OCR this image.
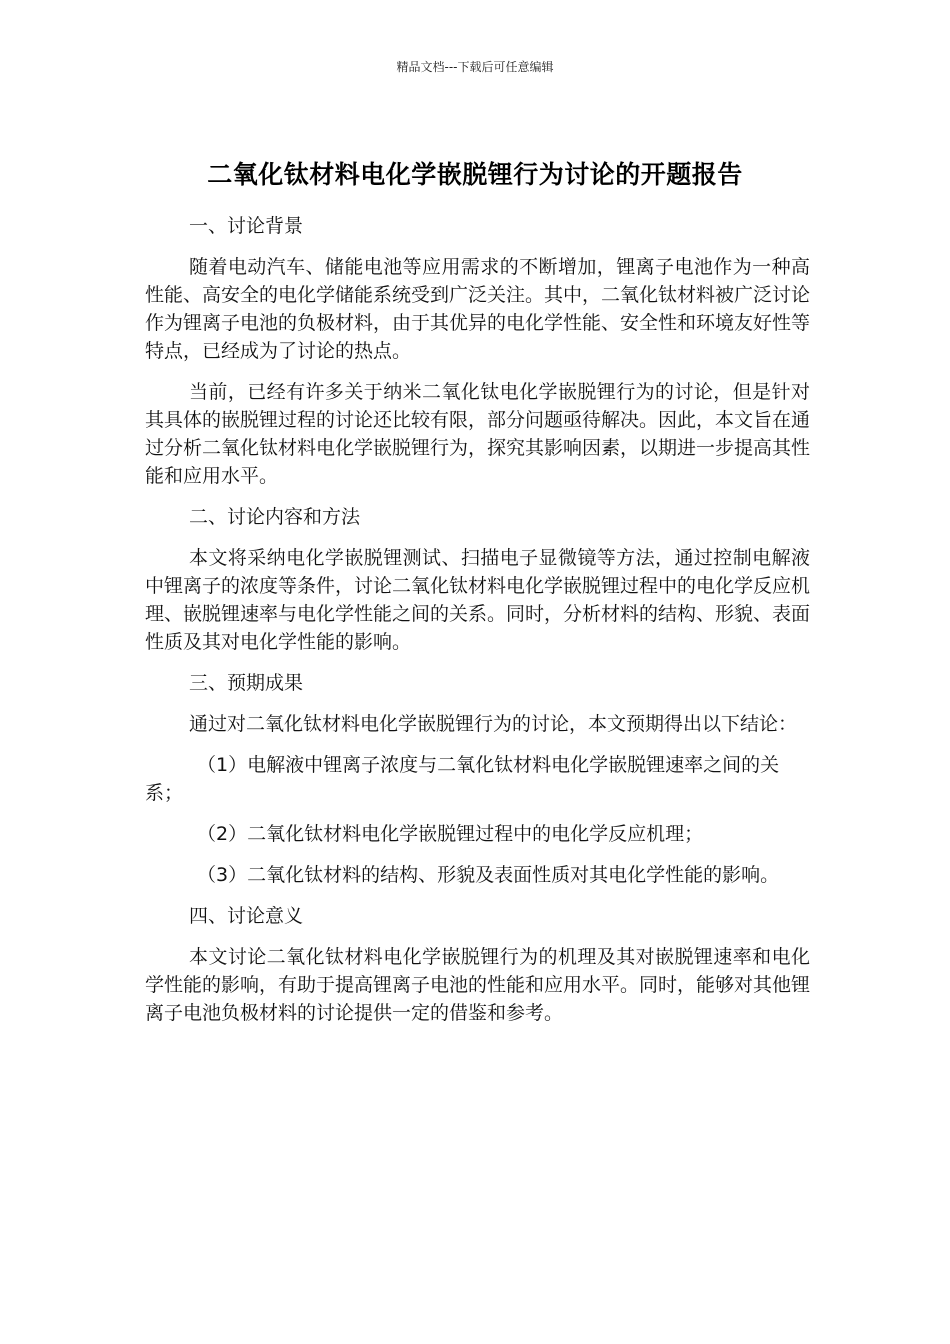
精品文档---下载后可任意编辑
二氧化钛材料电化学嵌脱锂行为讨论的开题报告
一、讨论背景

随着电动汽车、储能电池等应用需求的不断增加，锂离子电池作为一种高性能、高安全的电化学储能系统受到广泛关注。其中，二氧化钛材料被广泛讨论作为锂离子电池的负极材料，由于其优异的电化学性能、安全性和环境友好性等特点，已经成为了讨论的热点。

当前，已经有许多关于纳米二氧化钛电化学嵌脱锂行为的讨论，但是针对其具体的嵌脱锂过程的讨论还比较有限，部分问题亟待解决。因此，本文旨在通过分析二氧化钛材料电化学嵌脱锂行为，探究其影响因素，以期进一步提高其性能和应用水平。

二、讨论内容和方法

本文将采纳电化学嵌脱锂测试、扫描电子显微镜等方法，通过控制电解液中锂离子的浓度等条件，讨论二氧化钛材料电化学嵌脱锂过程中的电化学反应机理、嵌脱锂速率与电化学性能之间的关系。同时，分析材料的结构、形貌、表面性质及其对电化学性能的影响。

三、预期成果

通过对二氧化钛材料电化学嵌脱锂行为的讨论，本文预期得出以下结论：

（1）电解液中锂离子浓度与二氧化钛材料电化学嵌脱锂速率之间的关系；

（2）二氧化钛材料电化学嵌脱锂过程中的电化学反应机理；

（3）二氧化钛材料的结构、形貌及表面性质对其电化学性能的影响。

四、讨论意义

本文讨论二氧化钛材料电化学嵌脱锂行为的机理及其对嵌脱锂速率和电化学性能的影响，有助于提高锂离子电池的性能和应用水平。同时，能够对其他锂离子电池负极材料的讨论提供一定的借鉴和参考。
